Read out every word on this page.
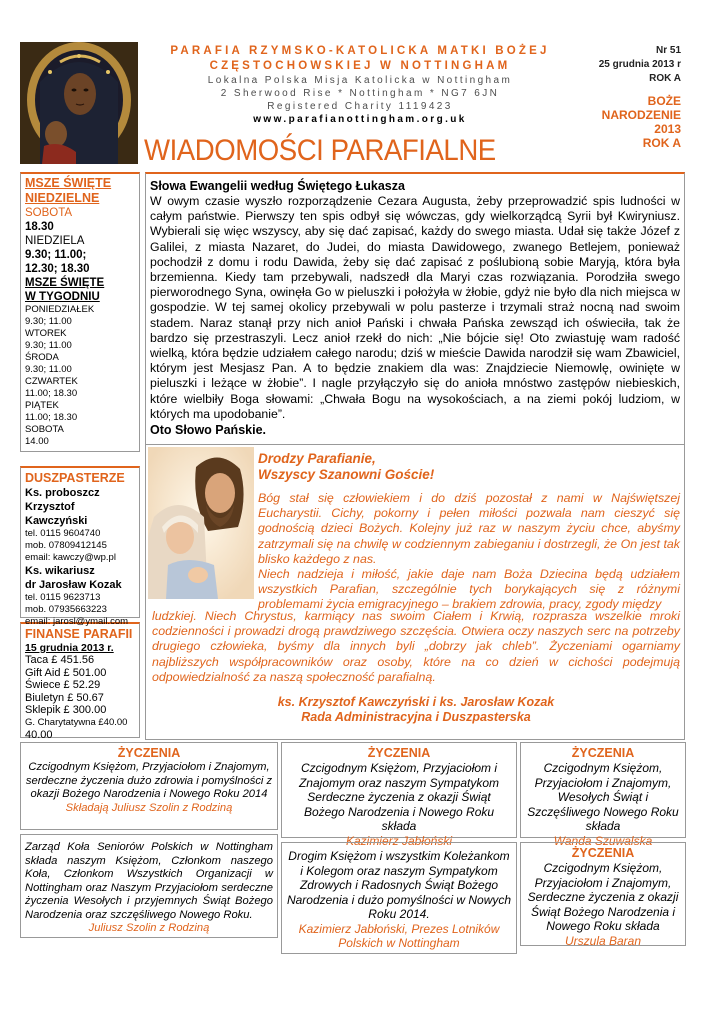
PARAFIA RZYMSKO-KATOLICKA MATKI BOŻEJ
CZĘSTOCHOWSKIEJ W NOTTINGHAM
Lokalna Polska Misja Katolicka w Nottingham
2 Sherwood Rise * Nottingham * NG7 6JN
Registered Charity 1119423
www.parafianottingham.org.uk
Nr 51
25 grudnia 2013 r
ROK A
BOŻE NARODZENIE
2013
ROK A
WIADOMOŚCI PARAFIALNE
MSZE ŚWIĘTE
NIEDZIELNE
SOBOTA
18.30
NIEDZIELA
9.30; 11.00;
12.30; 18.30
MSZE ŚWIĘTE
W TYGODNIU
PONIEDZIAŁEK
9.30; 11.00
WTOREK
9.30; 11.00
ŚRODA
9.30; 11.00
CZWARTEK
11.00; 18.30
PIĄTEK
11.00; 18.30
SOBOTA
14.00
DUSZPASTERZE
Ks. proboszcz
Krzysztof Kawczyński
tel. 0115 9604740
mob. 07809412145
email: kawczy@wp.pl
Ks. wikariusz
dr Jarosław Kozak
tel. 0115 9623713
mob. 07935663223
email: jarosl@ymail.com
FINANSE PARAFII
15 grudnia 2013 r.
Taca £ 451.56
Gift Aid £ 501.00
Świece £ 52.29
Biuletyn £ 50.67
Sklepik £ 300.00
G. Charytatywna £40.00
40.00
Słowa Ewangelii według Świętego Łukasza
W owym czasie wyszło rozporządzenie Cezara Augusta, żeby przeprowadzić spis ludności w całym państwie. Pierwszy ten spis odbył się wówczas, gdy wielkorządcą Syrii był Kwiryniusz. Wybierali się więc wszyscy, aby się dać zapisać, każdy do swego miasta. Udał się także Józef z Galilei, z miasta Nazaret, do Judei, do miasta Dawidowego, zwanego Betlejem, ponieważ pochodził z domu i rodu Dawida, żeby się dać zapisać z poślubioną sobie Maryją, która była brzemienna. Kiedy tam przebywali, nadszedł dla Maryi czas rozwiązania. Porodziła swego pierworodnego Syna, owinęła Go w pieluszki i położyła w żłobie, gdyż nie było dla nich miejsca w gospodzie. W tej samej okolicy przebywali w polu pasterze i trzymali straż nocną nad swoim stadem. Naraz stanął przy nich anioł Pański i chwała Pańska zewsząd ich oświeciła, tak że bardzo się przestraszyli. Lecz anioł rzekł do nich: „Nie bójcie się! Oto zwiastuję wam radość wielką, która będzie udziałem całego narodu; dziś w mieście Dawida narodził się wam Zbawiciel, którym jest Mesjasz Pan. A to będzie znakiem dla was: Znajdziecie Niemowlę, owinięte w pieluszki i leżące w żłobie”. I nagle przyłączyło się do anioła mnóstwo zastępów niebieskich, które wielbiły Boga słowami: „Chwała Bogu na wysokościach, a na ziemi pokój ludziom, w których ma upodobanie”.
Oto Słowo Pańskie.
Drodzy Parafianie,
Wszyscy Szanowni Goście!
Bóg stał się człowiekiem i do dziś pozostał z nami w Najświętszej Eucharystii. Cichy, pokorny i pełen miłości pozwala nam cieszyć się godnością dzieci Bożych. Kolejny już raz w naszym życiu chce, abyśmy zatrzymali się na chwilę w codziennym zabieganiu i dostrzegli, że On jest tak blisko każdego z nas.
Niech nadzieja i miłość, jakie daje nam Boża Dziecina będą udziałem wszystkich Parafian, szczególnie tych borykających się z różnymi problemami życia emigracyjnego – brakiem zdrowia, pracy, zgody między
ludzkiej. Niech Chrystus, karmiący nas swoim Ciałem i Krwią, rozprasza wszelkie mroki codzienności i prowadzi drogą prawdziwego szczęścia. Otwiera oczy naszych serc na potrzeby drugiego człowieka, byśmy dla innych byli „dobrzy jak chleb”. Życzeniami ogarniamy najbliższych współpracowników oraz osoby, które na co dzień w cichości podejmują odpowiedzialność za naszą społeczność parafialną.
ks. Krzysztof Kawczyński i ks. Jarosław Kozak
Rada Administracyjna i Duszpasterska
ŻYCZENIA
Czcigodnym Księżom, Przyjaciołom i Znajomym, serdeczne życzenia dużo zdrowia i pomyślności z okazji Bożego Narodzenia i Nowego Roku 2014
Składają Juliusz Szolin z Rodziną
Zarząd Koła Seniorów Polskich w Nottingham składa naszym Księżom, Członkom naszego Koła, Członkom Wszystkich Organizacji w Nottingham oraz Naszym Przyjaciołom serdeczne życzenia Wesołych i przyjemnych Świąt Bożego Narodzenia oraz szczęśliwego Nowego Roku.
Juliusz Szolin z Rodziną
ŻYCZENIA
Czcigodnym Księżom, Przyjaciołom i Znajomym oraz naszym Sympatykom Serdeczne życzenia z okazji Świąt Bożego Narodzenia i Nowego Roku składa
Kazimierz Jabłoński
Drogim Księżom i wszystkim Koleżankom i Kolegom oraz naszym Sympatykom Zdrowych i Radosnych Świąt Bożego Narodzenia i dużo pomyślności w Nowych Roku 2014.
Kazimierz Jabłoński, Prezes Lotników Polskich w Nottingham
ŻYCZENIA
Czcigodnym Księżom, Przyjaciołom i Znajomym, Wesołych Świąt i Szczęśliwego Nowego Roku składa
Wanda Szuwalska
ŻYCZENIA
Czcigodnym Księżom, Przyjaciołom i Znajomym, Serdeczne życzenia z okazji Świąt Bożego Narodzenia i Nowego Roku składa
Urszula Baran
